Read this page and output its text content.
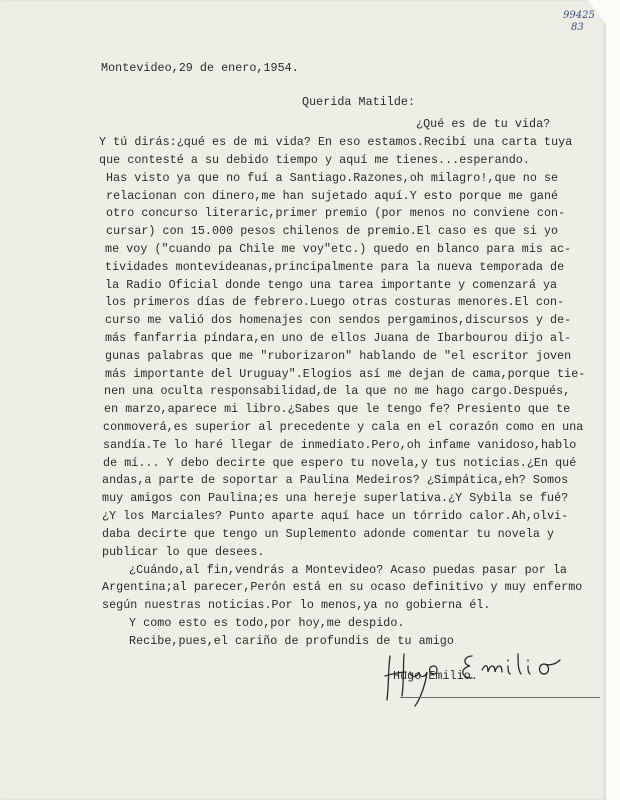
99425
83
Montevideo,29 de enero,1954.
Querida Matilde:
¿Qué es de tu vida?
Y tú dirás:¿qué es de mi vida? En eso estamos.Recibí una carta tuya
que contesté a su debido tiempo y aquí me tienes...esperando.
Has visto ya que no fuí a Santiago.Razones,oh milagro!,que no se
relacionan con dinero,me han sujetado aquí.Y esto porque me gané
otro concurso literaric,primer premio (por menos no conviene con-
cursar) con 15.000 pesos chilenos de premio.El caso es que si yo
me voy ("cuando pa Chile me voy"etc.) quedo en blanco para mis ac-
tividades montevideanas,principalmente para la nueva temporada de
la Radio Oficial donde tengo una tarea importante y comenzará ya
los primeros días de febrero.Luego otras costuras menores.El con-
curso me valió dos homenajes con sendos pergaminos,discursos y de-
más fanfarria píndara,en uno de ellos Juana de Ibarbourou dijo al-
gunas palabras que me "ruborizaron" hablando de "el escritor joven
más importante del Uruguay".Elogios así me dejan de cama,porque tie-
nen una oculta responsabilidad,de la que no me hago cargo.Después,
en marzo,aparece mi libro.¿Sabes que le tengo fe? Presiento que te
conmoverá,es superior al precedente y cala en el corazón como en una
sandía.Te lo haré llegar de inmediato.Pero,oh infame vanidoso,hablo
de mí... Y debo decirte que espero tu novela,y tus noticias.¿En qué
andas,a parte de soportar a Paulina Medeiros? ¿Simpática,eh? Somos
muy amigos con Paulina;es una hereje superlativa.¿Y Sybila se fué?
¿Y los Marciales? Punto aparte aquí hace un tórrido calor.Ah,olvi-
daba decirte que tengo un Suplemento adonde comentar tu novela y
publicar lo que desees.
¿Cuándo,al fin,vendrás a Montevideo? Acaso puedas pasar por la
Argentina;al parecer,Perón está en su ocaso definitivo y muy enfermo
según nuestras noticias.Por lo menos,ya no gobierna él.
Y como esto es todo,por hoy,me despido.
Recibe,pues,el cariño de profundis de tu amigo
Hugo Emilio.
